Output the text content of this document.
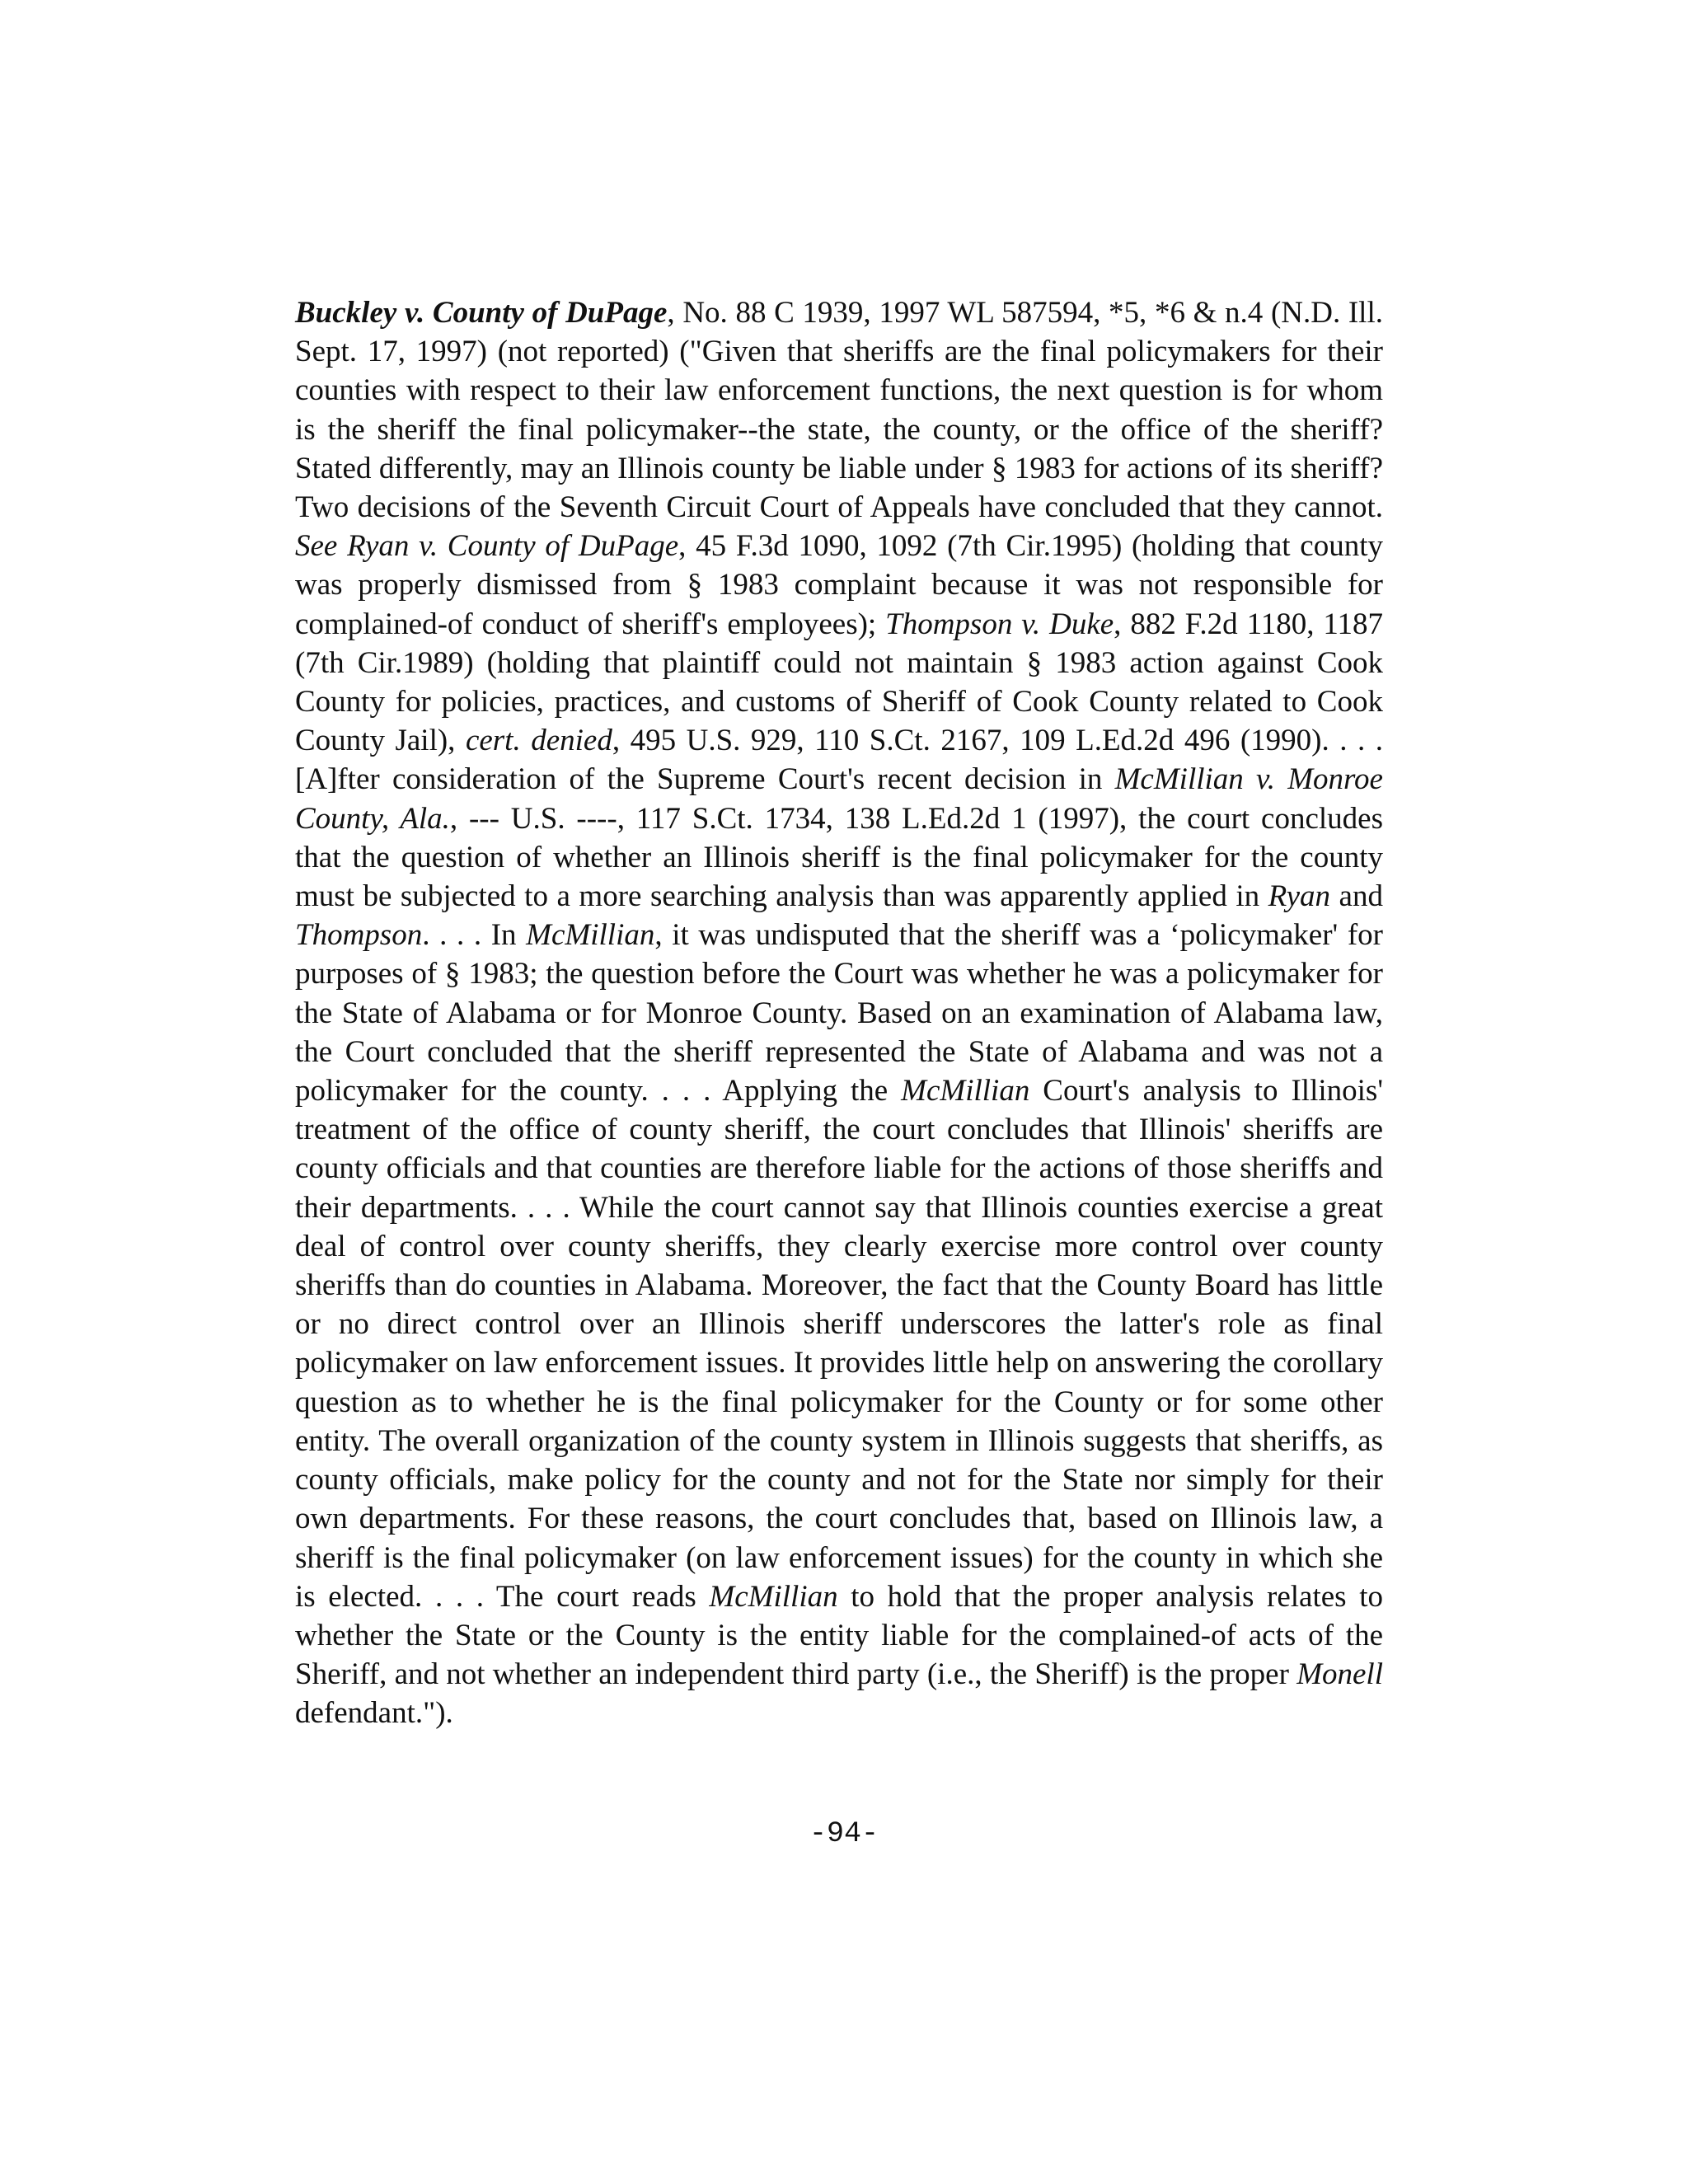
Buckley v. County of DuPage, No. 88 C 1939, 1997 WL 587594, *5, *6 & n.4 (N.D. Ill. Sept. 17, 1997) (not reported) ("Given that sheriffs are the final policymakers for their counties with respect to their law enforcement functions, the next question is for whom is the sheriff the final policymaker--the state, the county, or the office of the sheriff? Stated differently, may an Illinois county be liable under § 1983 for actions of its sheriff? Two decisions of the Seventh Circuit Court of Appeals have concluded that they cannot. See Ryan v. County of DuPage, 45 F.3d 1090, 1092 (7th Cir.1995) (holding that county was properly dismissed from § 1983 complaint because it was not responsible for complained-of conduct of sheriff's employees); Thompson v. Duke, 882 F.2d 1180, 1187 (7th Cir.1989) (holding that plaintiff could not maintain § 1983 action against Cook County for policies, practices, and customs of Sheriff of Cook County related to Cook County Jail), cert. denied, 495 U.S. 929, 110 S.Ct. 2167, 109 L.Ed.2d 496 (1990). . . . [A]fter consideration of the Supreme Court's recent decision in McMillian v. Monroe County, Ala., --- U.S. ----, 117 S.Ct. 1734, 138 L.Ed.2d 1 (1997), the court concludes that the question of whether an Illinois sheriff is the final policymaker for the county must be subjected to a more searching analysis than was apparently applied in Ryan and Thompson. . . . In McMillian, it was undisputed that the sheriff was a ‘policymaker' for purposes of § 1983; the question before the Court was whether he was a policymaker for the State of Alabama or for Monroe County. Based on an examination of Alabama law, the Court concluded that the sheriff represented the State of Alabama and was not a policymaker for the county. . . . Applying the McMillian Court's analysis to Illinois' treatment of the office of county sheriff, the court concludes that Illinois' sheriffs are county officials and that counties are therefore liable for the actions of those sheriffs and their departments. . . . While the court cannot say that Illinois counties exercise a great deal of control over county sheriffs, they clearly exercise more control over county sheriffs than do counties in Alabama. Moreover, the fact that the County Board has little or no direct control over an Illinois sheriff underscores the latter's role as final policymaker on law enforcement issues. It provides little help on answering the corollary question as to whether he is the final policymaker for the County or for some other entity. The overall organization of the county system in Illinois suggests that sheriffs, as county officials, make policy for the county and not for the State nor simply for their own departments. For these reasons, the court concludes that, based on Illinois law, a sheriff is the final policymaker (on law enforcement issues) for the county in which she is elected. . . . The court reads McMillian to hold that the proper analysis relates to whether the State or the County is the entity liable for the complained-of acts of the Sheriff, and not whether an independent third party (i.e., the Sheriff) is the proper Monell defendant.").

-94-
